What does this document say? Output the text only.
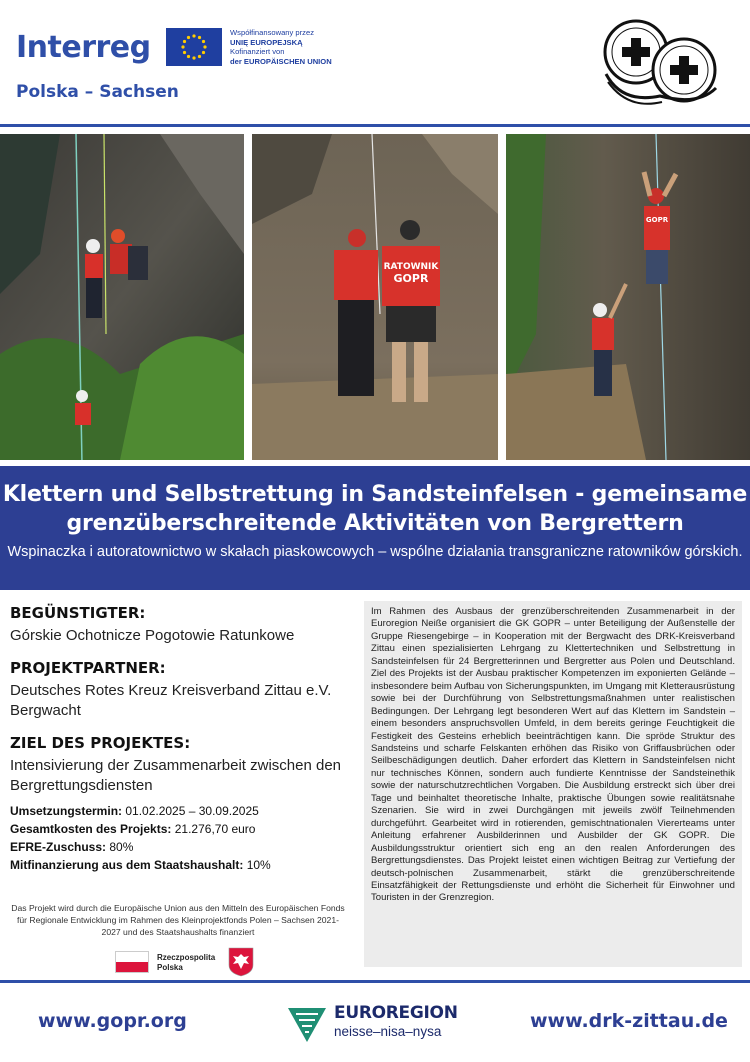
Interreg
Polska – Sachsen
Współfinansowany przez
UNIĘ EUROPEJSKĄ
Kofinanziert von
der EUROPÄISCHEN UNION
RATOWNIK
GOPR
GOPR
Klettern und Selbstrettung in Sandsteinfelsen - gemeinsame grenzüberschreitende Aktivitäten von Bergrettern
Wspinaczka i autoratownictwo w skałach piaskowcowych – wspólne działania transgraniczne ratowników górskich.
BEGÜNSTIGTER:
Górskie Ochotnicze Pogotowie Ratunkowe
PROJEKTPARTNER:
Deutsches Rotes Kreuz Kreisverband Zittau e.V. Bergwacht
ZIEL DES PROJEKTES:
Intensivierung der Zusammenarbeit zwischen den Bergrettungsdiensten
Umsetzungstermin: 01.02.2025 – 30.09.2025
Gesamtkosten des Projekts: 21.276,70 euro
EFRE-Zuschuss: 80%
Mitfinanzierung aus dem Staatshaushalt: 10%
Das Projekt wird durch die Europäische Union aus den Mitteln des Europäischen Fonds für Regionale Entwicklung im Rahmen des Kleinprojektfonds Polen – Sachsen 2021- 2027 und des Staatshaushalts finanziert
Rzeczpospolita
Polska

Im Rahmen des Ausbaus der grenzüberschreitenden Zusammenarbeit in der Euroregion Neiße organisiert die GK GOPR – unter Beteiligung der Außenstelle der Gruppe Riesengebirge – in Kooperation mit der Bergwacht des DRK-Kreisverband Zittau einen spezialisierten Lehrgang zu Klettertechniken und Selbstrettung in Sandsteinfelsen für 24 Bergretterinnen und Bergretter aus Polen und Deutschland. Ziel des Projekts ist der Ausbau praktischer Kompetenzen im exponierten Gelände – insbesondere beim Aufbau von Sicherungspunkten, im Umgang mit Kletterausrüstung sowie bei der Durchführung von Selbstrettungsmaßnahmen unter realistischen Bedingungen. Der Lehrgang legt besonderen Wert auf das Klettern im Sandstein – einem besonders anspruchsvollen Umfeld, in dem bereits geringe Feuchtigkeit die Festigkeit des Gesteins erheblich beeinträchtigen kann. Die spröde Struktur des Sandsteins und scharfe Felskanten erhöhen das Risiko von Griffausbrüchen oder Seilbeschädigungen deutlich. Daher erfordert das Klettern in Sandsteinfelsen nicht nur technisches Können, sondern auch fundierte Kenntnisse der Sandsteinethik sowie der naturschutzrechtlichen Vorgaben. Die Ausbildung erstreckt sich über drei Tage und beinhaltet theoretische Inhalte, praktische Übungen sowie realitätsnahe Szenarien. Sie wird in zwei Durchgängen mit jeweils zwölf Teilnehmenden durchgeführt. Gearbeitet wird in rotierenden, gemischtnationalen Viererteams unter Anleitung erfahrener Ausbilderinnen und Ausbilder der GK GOPR. Die Ausbildungsstruktur orientiert sich eng an den realen Anforderungen des Bergrettungsdienstes. Das Projekt leistet einen wichtigen Beitrag zur Vertiefung der deutsch-polnischen Zusammenarbeit, stärkt die grenzüberschreitende Einsatzfähigkeit der Rettungsdienste und erhöht die Sicherheit für Einwohner und Touristen in der Grenzregion.

www.gopr.org	EUROREGION
neisse–nisa–nysa	www.drk-zittau.de
